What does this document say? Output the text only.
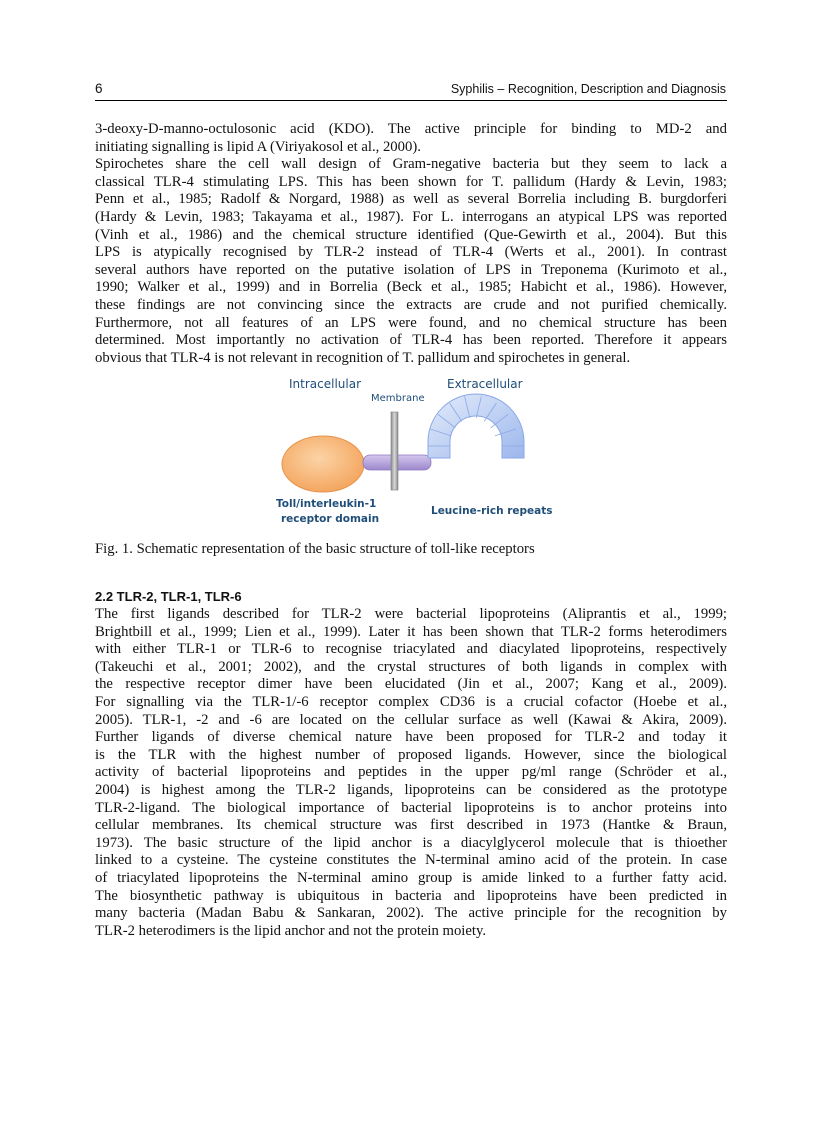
6	Syphilis – Recognition, Description and Diagnosis
3-deoxy-D-manno-octulosonic acid (KDO). The active principle for binding to MD-2 and
initiating signalling is lipid A (Viriyakosol et al., 2000).
Spirochetes share the cell wall design of Gram-negative bacteria but they seem to lack a
classical TLR-4 stimulating LPS. This has been shown for T. pallidum (Hardy & Levin, 1983;
Penn et al., 1985; Radolf & Norgard, 1988) as well as several Borrelia including B. burgdorferi
(Hardy & Levin, 1983; Takayama et al., 1987). For L. interrogans an atypical LPS was reported
(Vinh et al., 1986) and the chemical structure identified (Que-Gewirth et al., 2004). But this
LPS is atypically recognised by TLR-2 instead of TLR-4 (Werts et al., 2001). In contrast
several authors have reported on the putative isolation of LPS in Treponema (Kurimoto et al.,
1990; Walker et al., 1999) and in Borrelia (Beck et al., 1985; Habicht et al., 1986). However,
these findings are not convincing since the extracts are crude and not purified chemically.
Furthermore, not all features of an LPS were found, and no chemical structure has been
determined. Most importantly no activation of TLR-4 has been reported. Therefore it appears
obvious that TLR-4 is not relevant in recognition of T. pallidum and spirochetes in general.
Intracellular	Extracellular
Membrane
Toll/interleukin-1
receptor domain
Leucine-rich repeats
Fig. 1. Schematic representation of the basic structure of toll-like receptors
2.2 TLR-2, TLR-1, TLR-6
The first ligands described for TLR-2 were bacterial lipoproteins (Aliprantis et al., 1999;
Brightbill et al., 1999; Lien et al., 1999). Later it has been shown that TLR-2 forms heterodimers
with either TLR-1 or TLR-6 to recognise triacylated and diacylated lipoproteins, respectively
(Takeuchi et al., 2001; 2002), and the crystal structures of both ligands in complex with
the respective receptor dimer have been elucidated (Jin et al., 2007; Kang et al., 2009).
For signalling via the TLR-1/-6 receptor complex CD36 is a crucial cofactor (Hoebe et al.,
2005). TLR-1, -2 and -6 are located on the cellular surface as well (Kawai & Akira, 2009).
Further ligands of diverse chemical nature have been proposed for TLR-2 and today it
is the TLR with the highest number of proposed ligands. However, since the biological
activity of bacterial lipoproteins and peptides in the upper pg/ml range (Schröder et al.,
2004) is highest among the TLR-2 ligands, lipoproteins can be considered as the prototype
TLR-2-ligand. The biological importance of bacterial lipoproteins is to anchor proteins into
cellular membranes. Its chemical structure was first described in 1973 (Hantke & Braun,
1973). The basic structure of the lipid anchor is a diacylglycerol molecule that is thioether
linked to a cysteine. The cysteine constitutes the N-terminal amino acid of the protein. In case
of triacylated lipoproteins the N-terminal amino group is amide linked to a further fatty acid.
The biosynthetic pathway is ubiquitous in bacteria and lipoproteins have been predicted in
many bacteria (Madan Babu & Sankaran, 2002). The active principle for the recognition by
TLR-2 heterodimers is the lipid anchor and not the protein moiety.
